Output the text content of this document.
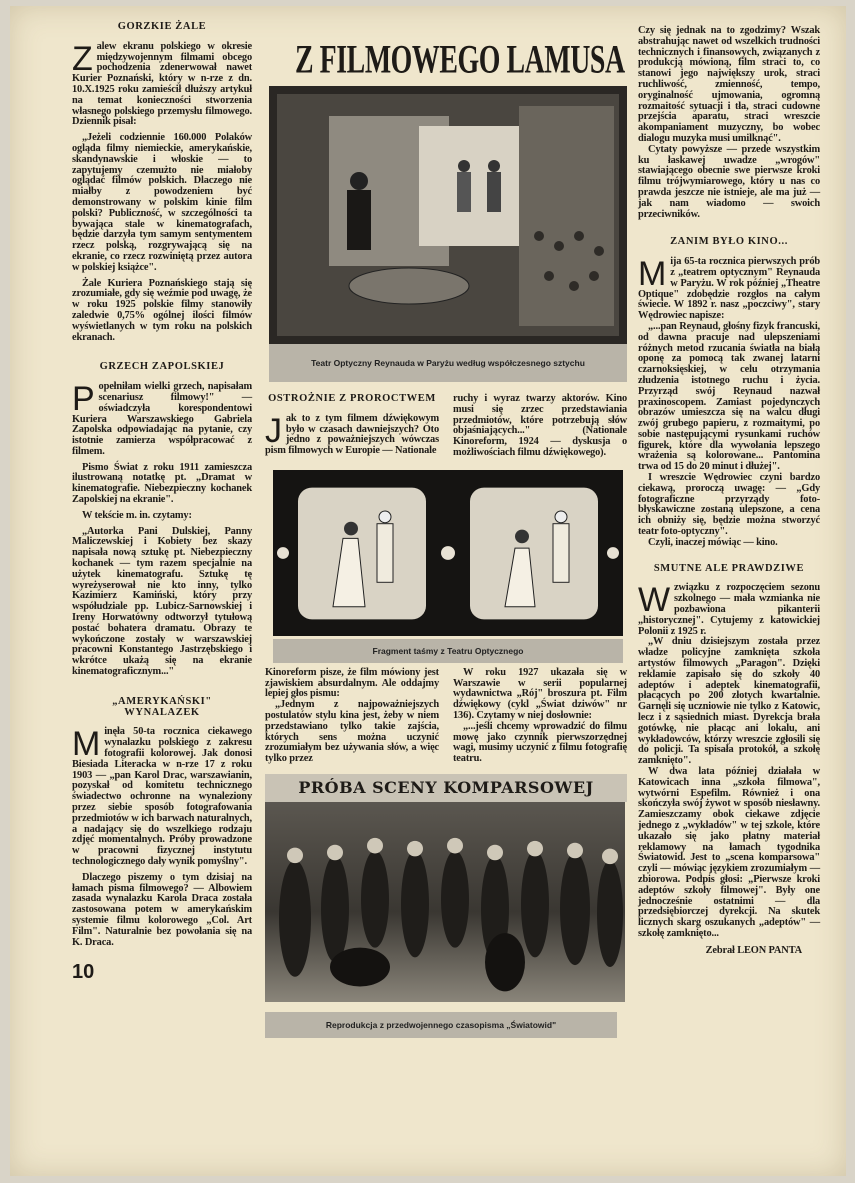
GORZKIE ŻALE

Zalew ekranu polskiego w okresie międzywojennym filmami obcego pochodzenia zdenerwował nawet Kurier Poznański, który w n-rze z dn. 10.X.1925 roku zamieścił dłuższy artykuł na temat konieczności stworzenia własnego polskiego przemysłu filmowego. Dziennik pisał:

„Jeżeli codziennie 160.000 Polaków ogląda filmy niemieckie, amerykańskie, skandynawskie i włoskie — to zapytujemy czemużto nie miałoby oglądać filmów polskich. Dlaczego nie miałby z powodzeniem być demonstrowany w polskim kinie film polski? Publiczność, w szczególności ta bywająca stale w kinematografach, będzie darzyła tym samym sentymentem rzecz polską, rozgrywającą się na ekranie, co rzecz rozwiniętą przez autora w polskiej książce".

Żale Kuriera Poznańskiego stają się zrozumiałe, gdy się weźmie pod uwagę, że w roku 1925 polskie filmy stanowiły zaledwie 0,75% ogólnej ilości filmów wyświetlanych w tym roku na polskich ekranach.

GRZECH ZAPOLSKIEJ

Popełniłam wielki grzech, napisałam scenariusz filmowy!" — oświadczyła korespondentowi Kuriera Warszawskiego Gabriela Zapolska odpowiadając na pytanie, czy istotnie zamierza współpracować z filmem.

Pismo Świat z roku 1911 zamieszcza ilustrowaną notatkę pt. „Dramat w kinematografie. Niebezpieczny kochanek Zapolskiej na ekranie".

W tekście m. in. czytamy:

„Autorka Pani Dulskiej, Panny Maliczewskiej i Kobiety bez skazy napisała nową sztukę pt. Niebezpieczny kochanek — tym razem specjalnie na użytek kinematografu. Sztukę tę wyreżyserował nie kto inny, tylko Kazimierz Kamiński, który przy współudziale pp. Lubicz-Sarnowskiej i Ireny Horwatówny odtworzył tytułową postać bohatera dramatu. Obrazy te wykończone zostały w warszawskiej pracowni Konstantego Jastrzębskiego i wkrótce ukażą się na ekranie kinematograficznym..."

„AMERYKAŃSKI"
WYNALAZEK

Minęła 50-ta rocznica ciekawego wynalazku polskiego z zakresu fotografii kolorowej. Jak donosi Biesiada Literacka w n-rze 17 z roku 1903 — „pan Karol Drac, warszawianin, pozyskał od komitetu technicznego świadectwo ochronne na wynaleziony przez siebie sposób fotografowania przedmiotów w ich barwach naturalnych, a nadający się do wszelkiego rodzaju zdjęć momentalnych. Próby prowadzone w pracowni fizycznej instytutu technologicznego dały wynik pomyślny".

Dlaczego piszemy o tym dzisiaj na łamach pisma filmowego? — Albowiem zasada wynalazku Karola Draca została zastosowana potem w amerykańskim systemie filmu kolorowego „Col. Art Film". Naturalnie bez powołania się na K. Draca.

10
Z FILMOWEGO LAMUSA
Teatr Optyczny Reynauda w Paryżu według współczesnego sztychu
OSTROŻNIE Z PROROCTWEM

Jak to z tym filmem dźwiękowym było w czasach dawniejszych? Oto jedno z poważniejszych wówczas pism filmowych w Europie — Nationale

ruchy i wyraz twarzy aktorów. Kino musi się zrzec przedstawiania przedmiotów, które potrzebują słów objaśniających..." (Nationale Kinoreform, 1924 — dyskusja o możliwościach filmu dźwiękowego).

Fragment taśmy z Teatru Optycznego

Kinoreform pisze, że film mówiony jest zjawiskiem absurdalnym. Ale oddajmy lepiej głos pismu:

„Jednym z najpoważniejszych postulatów stylu kina jest, żeby w niem przedstawiano tylko takie zajścia, których sens można uczynić zrozumiałym bez używania słów, a więc tylko przez

W roku 1927 ukazała się w Warszawie w serii popularnej wydawnictwa „Rój" broszura pt. Film dźwiękowy (cykl „Świat dziwów" nr 136). Czytamy w niej dosłownie:

„...jeśli chcemy wprowadzić do filmu mowę jako czynnik pierwszorzędnej wagi, musimy uczynić z filmu fotografię teatru.

PRÓBA SCENY KOMPARSOWEJ
Reprodukcja z przedwojennego czasopisma „Światowid"

Czy się jednak na to zgodzimy? Wszak abstrahując nawet od wszelkich trudności technicznych i finansowych, związanych z produkcją mówioną, film straci to, co stanowi jego największy urok, straci ruchliwość, zmienność, tempo, oryginalność ujmowania, ogromną rozmaitość sytuacji i tła, straci cudowne przejścia aparatu, straci wreszcie akompaniament muzyczny, bo wobec dialogu muzyka musi umilknąć".

Cytaty powyższe — przede wszystkim ku łaskawej uwadze „wrogów" stawiającego obecnie swe pierwsze kroki filmu trójwymiarowego, który u nas co prawda jeszcze nie istnieje, ale ma już — jak nam wiadomo — swoich przeciwników.

ZANIM BYŁO KINO...

Mija 65-ta rocznica pierwszych prób z „teatrem optycznym" Reynauda w Paryżu. W rok później „Theatre Optique" zdobędzie rozgłos na całym świecie. W 1892 r. nasz „poczciwy", stary Wędrowiec napisze:

„...pan Reynaud, głośny fizyk francuski, od dawna pracuje nad ulepszeniami różnych metod rzucania światła na białą oponę za pomocą tak zwanej latarni czarnoksięskiej, w celu otrzymania złudzenia istotnego ruchu i życia. Przyrząd swój Reynaud nazwał praxinoscopem. Zamiast pojedynczych obrazów umieszcza się na walcu długi zwój grubego papieru, z rozmaitymi, po sobie następującymi rysunkami ruchów figurek, które dla wywołania lepszego wrażenia są kolorowane... Pantomina trwa od 15 do 20 minut i dłużej".

I wreszcie Wędrowiec czyni bardzo ciekawą, proroczą uwagę: — „Gdy fotograficzne przyrządy foto-błyskawiczne zostaną ulepszone, a cena ich obniży się, będzie można stworzyć teatr foto-optyczny".

Czyli, inaczej mówiąc — kino.

SMUTNE ALE PRAWDZIWE

Wzwiązku z rozpoczęciem sezonu szkolnego — mała wzmianka nie pozbawiona pikanterii „historycznej". Cytujemy z katowickiej Polonii z 1925 r.

„W dniu dzisiejszym została przez władze policyjne zamknięta szkoła artystów filmowych „Paragon". Dzięki reklamie zapisało się do szkoły 40 adeptów i adeptek kinematografii, płacących po 200 złotych kwartalnie. Garnęli się uczniowie nie tylko z Katowic, lecz i z sąsiednich miast. Dyrekcja brała gotówkę, nie płacąc ani lokalu, ani wykładowców, którzy wreszcie zgłosili się do policji. Ta spisała protokół, a szkołę zamknięto".

W dwa lata później działała w Katowicach inna „szkoła filmowa", wytwórni Espefilm. Również i ona skończyła swój żywot w sposób niesławny. Zamieszczamy obok ciekawe zdjęcie jednego z „wykładów" w tej szkole, które ukazało się jako płatny materiał reklamowy na łamach tygodnika Światowid. Jest to „scena komparsowa" czyli — mówiąc językiem zrozumiałym — zbiorowa. Podpis głosi: „Pierwsze kroki adeptów szkoły filmowej". Były one jednocześnie ostatnimi — dla przedsiębiorczej dyrekcji. Na skutek licznych skarg oszukanych „adeptów" — szkołę zamknięto...

Zebrał LEON PANTA
